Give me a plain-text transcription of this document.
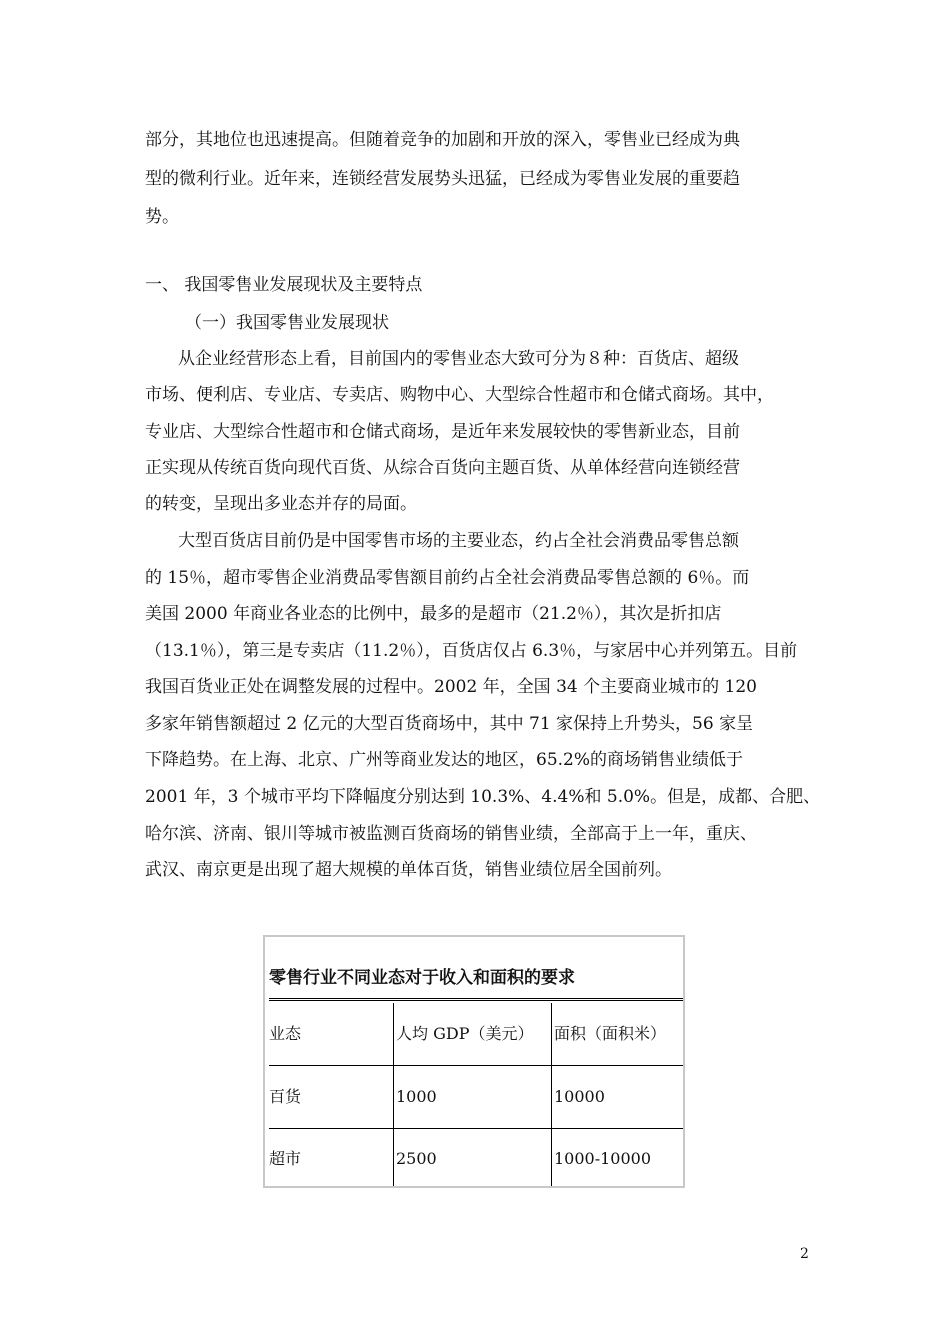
部分，其地位也迅速提高。但随着竞争的加剧和开放的深入，零售业已经成为典
型的微利行业。近年来，连锁经营发展势头迅猛，已经成为零售业发展的重要趋
势。
一、 我国零售业发展现状及主要特点
（一）我国零售业发展现状
从企业经营形态上看，目前国内的零售业态大致可分为８种：百货店、超级
市场、便利店、专业店、专卖店、购物中心、大型综合性超市和仓储式商场。其中，
专业店、大型综合性超市和仓储式商场，是近年来发展较快的零售新业态，目前
正实现从传统百货向现代百货、从综合百货向主题百货、从单体经营向连锁经营
的转变，呈现出多业态并存的局面。
大型百货店目前仍是中国零售市场的主要业态，约占全社会消费品零售总额
的 15％，超市零售企业消费品零售额目前约占全社会消费品零售总额的 6％。而
美国 2000 年商业各业态的比例中，最多的是超市（21.2％），其次是折扣店
（13.1％），第三是专卖店（11.2％），百货店仅占 6.3％，与家居中心并列第五。目前
我国百货业正处在调整发展的过程中。2002 年，全国 34 个主要商业城市的 120
多家年销售额超过 2 亿元的大型百货商场中，其中 71 家保持上升势头，56 家呈
下降趋势。在上海、北京、广州等商业发达的地区，65.2%的商场销售业绩低于
2001 年，3 个城市平均下降幅度分别达到 10.3%、4.4%和 5.0%。但是，成都、合肥、
哈尔滨、济南、银川等城市被监测百货商场的销售业绩，全部高于上一年，重庆、
武汉、南京更是出现了超大规模的单体百货，销售业绩位居全国前列。
零售行业不同业态对于收入和面积的要求
业态	人均 GDP（美元）	面积（面积米）
百货	1000	10000
超市	2500	1000-10000
2
